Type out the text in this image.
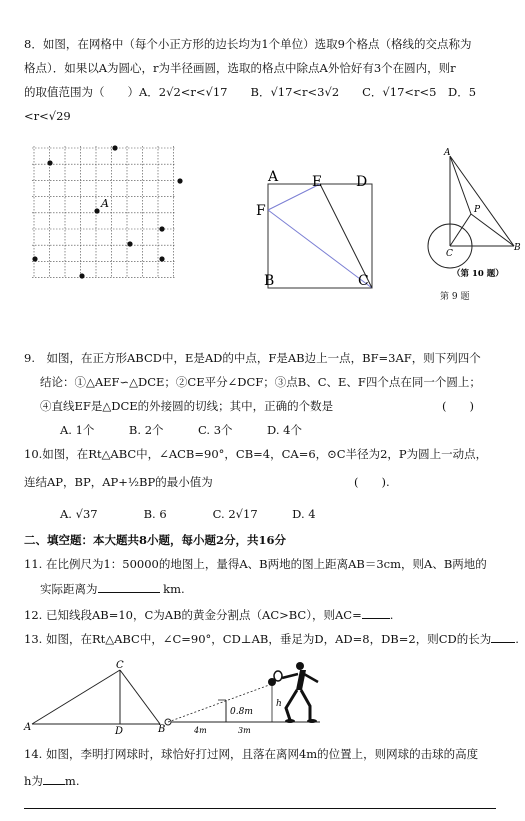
8．如图，在网格中（每个小正方形的边长均为1个单位）选取9个格点（格线的交点称为
格点）．如果以A为圆心，r为半径画圆，选取的格点中除点A外恰好有3个在圆内，则r
的取值范围为（　　）A．2√2<r<√17　　B．√17<r<3√2　　C．√17<r<5　D．5
<r<√29
A
A E D
F
B	C
第 9 题
A
P
C
B
（第 10 题）
9.　如图，在正方形ABCD中，E是AD的中点，F是AB边上一点，BF=3AF，则下列四个
结论：①△AEF∽△DCE；②CE平分∠DCF；③点B、C、E、F四个点在同一个圆上；
④直线EF是△DCE的外接圆的切线；其中，正确的个数是	(　　)
A. 1个　　　B. 2个　　　C. 3个　　　D. 4个
10.如图，在Rt△ABC中，∠ACB=90°，CB=4，CA=6，⊙C半径为2，P为圆上一动点，
连结AP，BP，AP+½BP的最小值为	(　　).
A. √37　　　　B. 6　　　　C. 2√17　　　D. 4
二、填空题：本大题共8小题，每小题2分，共16分
11. 在比例尺为1：50000的地图上，量得A、B两地的图上距离AB＝3cm，则A、B两地的
实际距离为	km.
12. 已知线段AB=10，C为AB的黄金分割点（AC>BC），则AC= .
13. 如图，在Rt△ABC中，∠C=90°，CD⊥AB，垂足为D，AD=8，DB=2，则CD的长为 .
A	D	B
C
h
0.8m
4m	3m
14. 如图，李明打网球时，球恰好打过网，且落在离网4m的位置上，则网球的击球的高度
h为 m.
